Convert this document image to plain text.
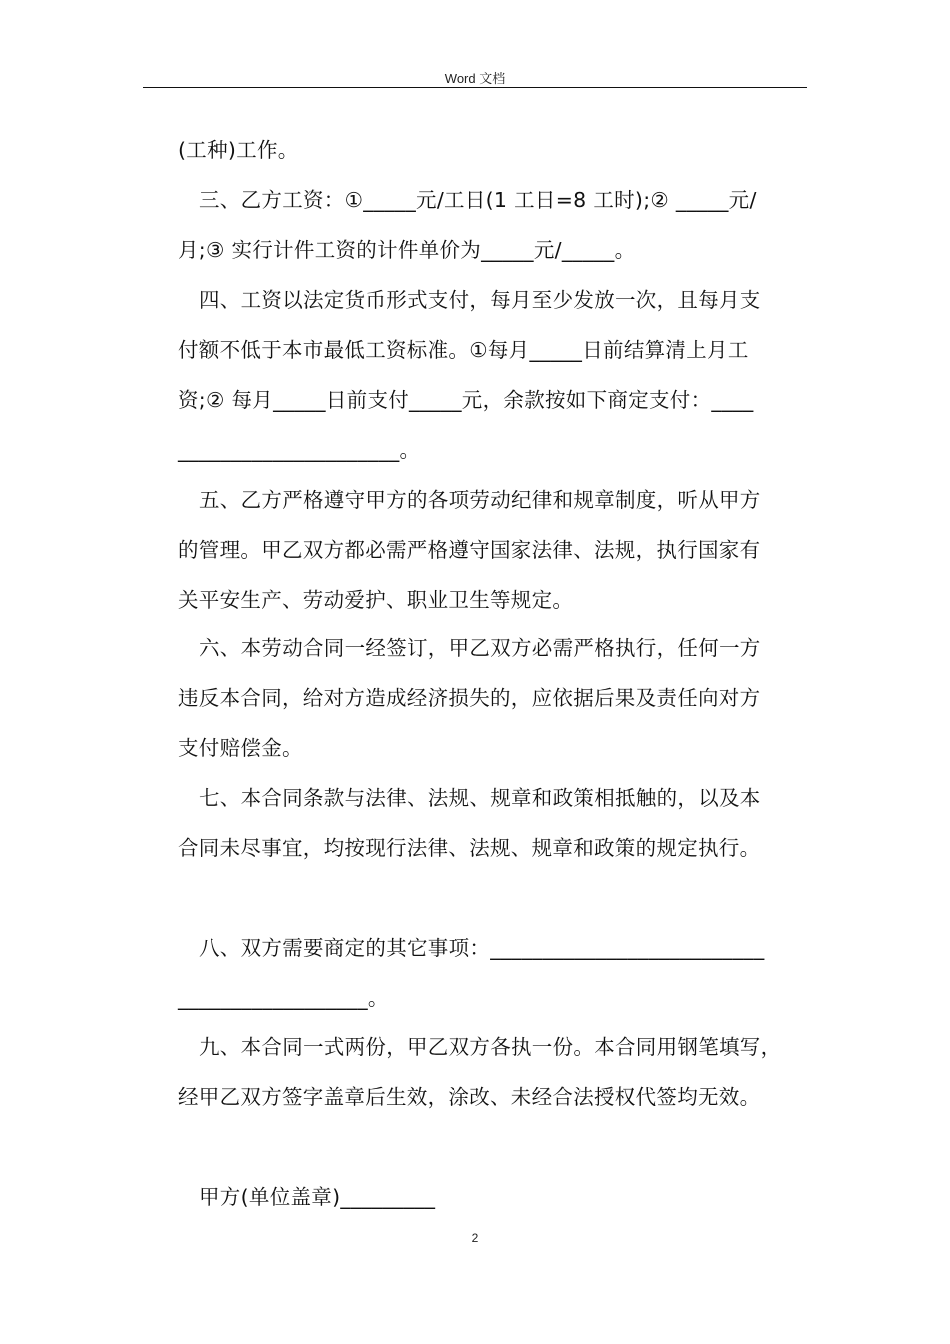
Word 文档
(工种)工作。
三、乙方工资：①_____元/工日(1 工日=8 工时);② _____元/
月;③ 实行计件工资的计件单价为_____元/_____。
四、工资以法定货币形式支付，每月至少发放一次，且每月支
付额不低于本市最低工资标准。①每月_____日前结算清上月工
资;② 每月_____日前支付_____元，余款按如下商定支付：____
_____________________。
五、乙方严格遵守甲方的各项劳动纪律和规章制度，听从甲方
的管理。甲乙双方都必需严格遵守国家法律、法规，执行国家有
关平安生产、劳动爱护、职业卫生等规定。
六、本劳动合同一经签订，甲乙双方必需严格执行，任何一方
违反本合同，给对方造成经济损失的，应依据后果及责任向对方
支付赔偿金。
七、本合同条款与法律、法规、规章和政策相抵触的，以及本
合同未尽事宜，均按现行法律、法规、规章和政策的规定执行。
八、双方需要商定的其它事项：__________________________
__________________。
九、本合同一式两份，甲乙双方各执一份。本合同用钢笔填写，
经甲乙双方签字盖章后生效，涂改、未经合法授权代签均无效。
甲方(单位盖章)_________
2
